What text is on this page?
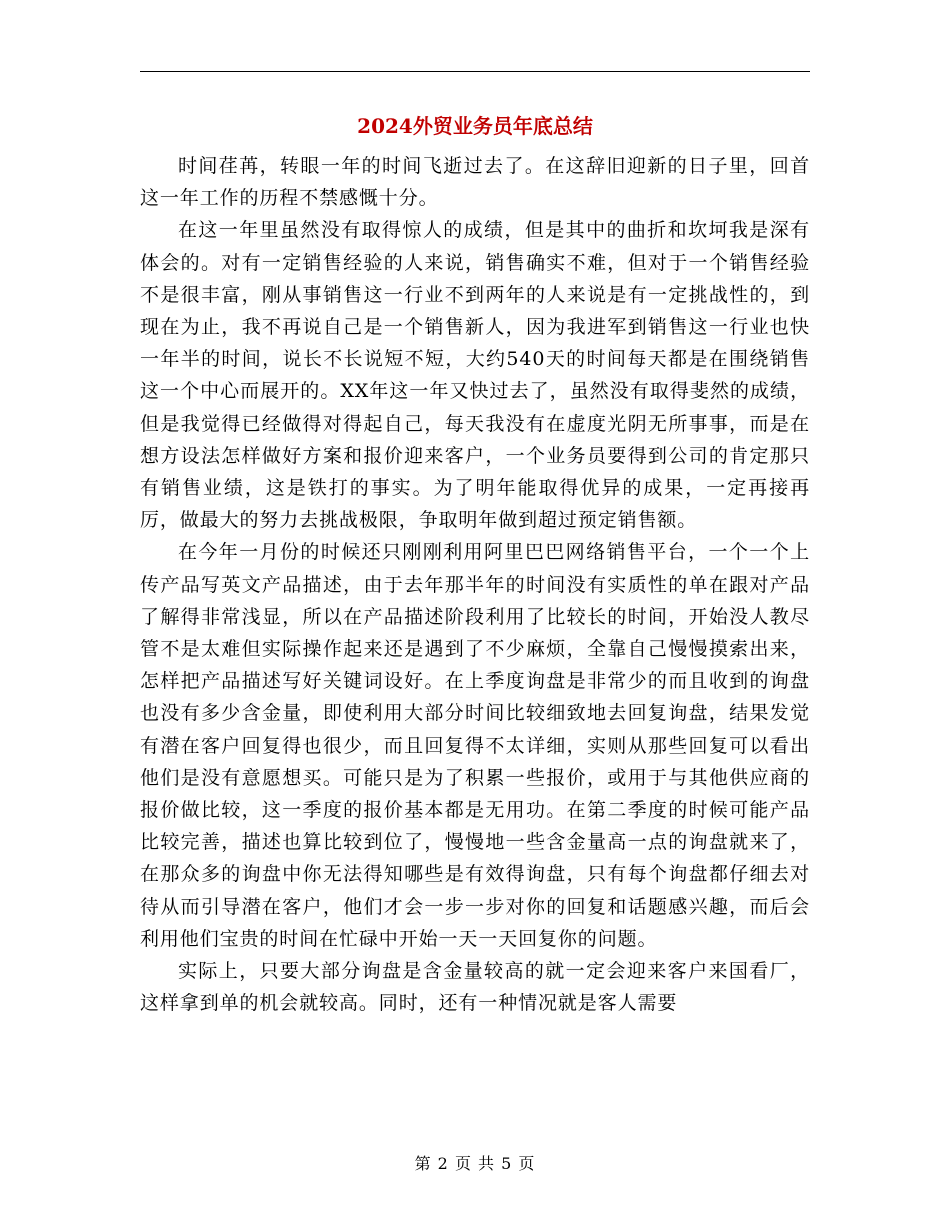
2024外贸业务员年底总结

时间荏苒，转眼一年的时间飞逝过去了。在这辞旧迎新的日子里，回首这一年工作的历程不禁感慨十分。

在这一年里虽然没有取得惊人的成绩，但是其中的曲折和坎坷我是深有体会的。对有一定销售经验的人来说，销售确实不难，但对于一个销售经验不是很丰富，刚从事销售这一行业不到两年的人来说是有一定挑战性的，到现在为止，我不再说自己是一个销售新人，因为我进军到销售这一行业也快一年半的时间，说长不长说短不短，大约540天的时间每天都是在围绕销售这一个中心而展开的。XX年这一年又快过去了，虽然没有取得斐然的成绩，但是我觉得已经做得对得起自己，每天我没有在虚度光阴无所事事，而是在想方设法怎样做好方案和报价迎来客户，一个业务员要得到公司的肯定那只有销售业绩，这是铁打的事实。为了明年能取得优异的成果，一定再接再厉，做最大的努力去挑战极限，争取明年做到超过预定销售额。

在今年一月份的时候还只刚刚利用阿里巴巴网络销售平台，一个一个上传产品写英文产品描述，由于去年那半年的时间没有实质性的单在跟对产品了解得非常浅显，所以在产品描述阶段利用了比较长的时间，开始没人教尽管不是太难但实际操作起来还是遇到了不少麻烦，全靠自己慢慢摸索出来，怎样把产品描述写好关键词设好。在上季度询盘是非常少的而且收到的询盘也没有多少含金量，即使利用大部分时间比较细致地去回复询盘，结果发觉有潜在客户回复得也很少，而且回复得不太详细，实则从那些回复可以看出他们是没有意愿想买。可能只是为了积累一些报价，或用于与其他供应商的报价做比较，这一季度的报价基本都是无用功。在第二季度的时候可能产品比较完善，描述也算比较到位了，慢慢地一些含金量高一点的询盘就来了，在那众多的询盘中你无法得知哪些是有效得询盘，只有每个询盘都仔细去对待从而引导潜在客户，他们才会一步一步对你的回复和话题感兴趣，而后会利用他们宝贵的时间在忙碌中开始一天一天回复你的问题。

实际上，只要大部分询盘是含金量较高的就一定会迎来客户来国看厂，这样拿到单的机会就较高。同时，还有一种情况就是客人需要

第 2 页 共 5 页
